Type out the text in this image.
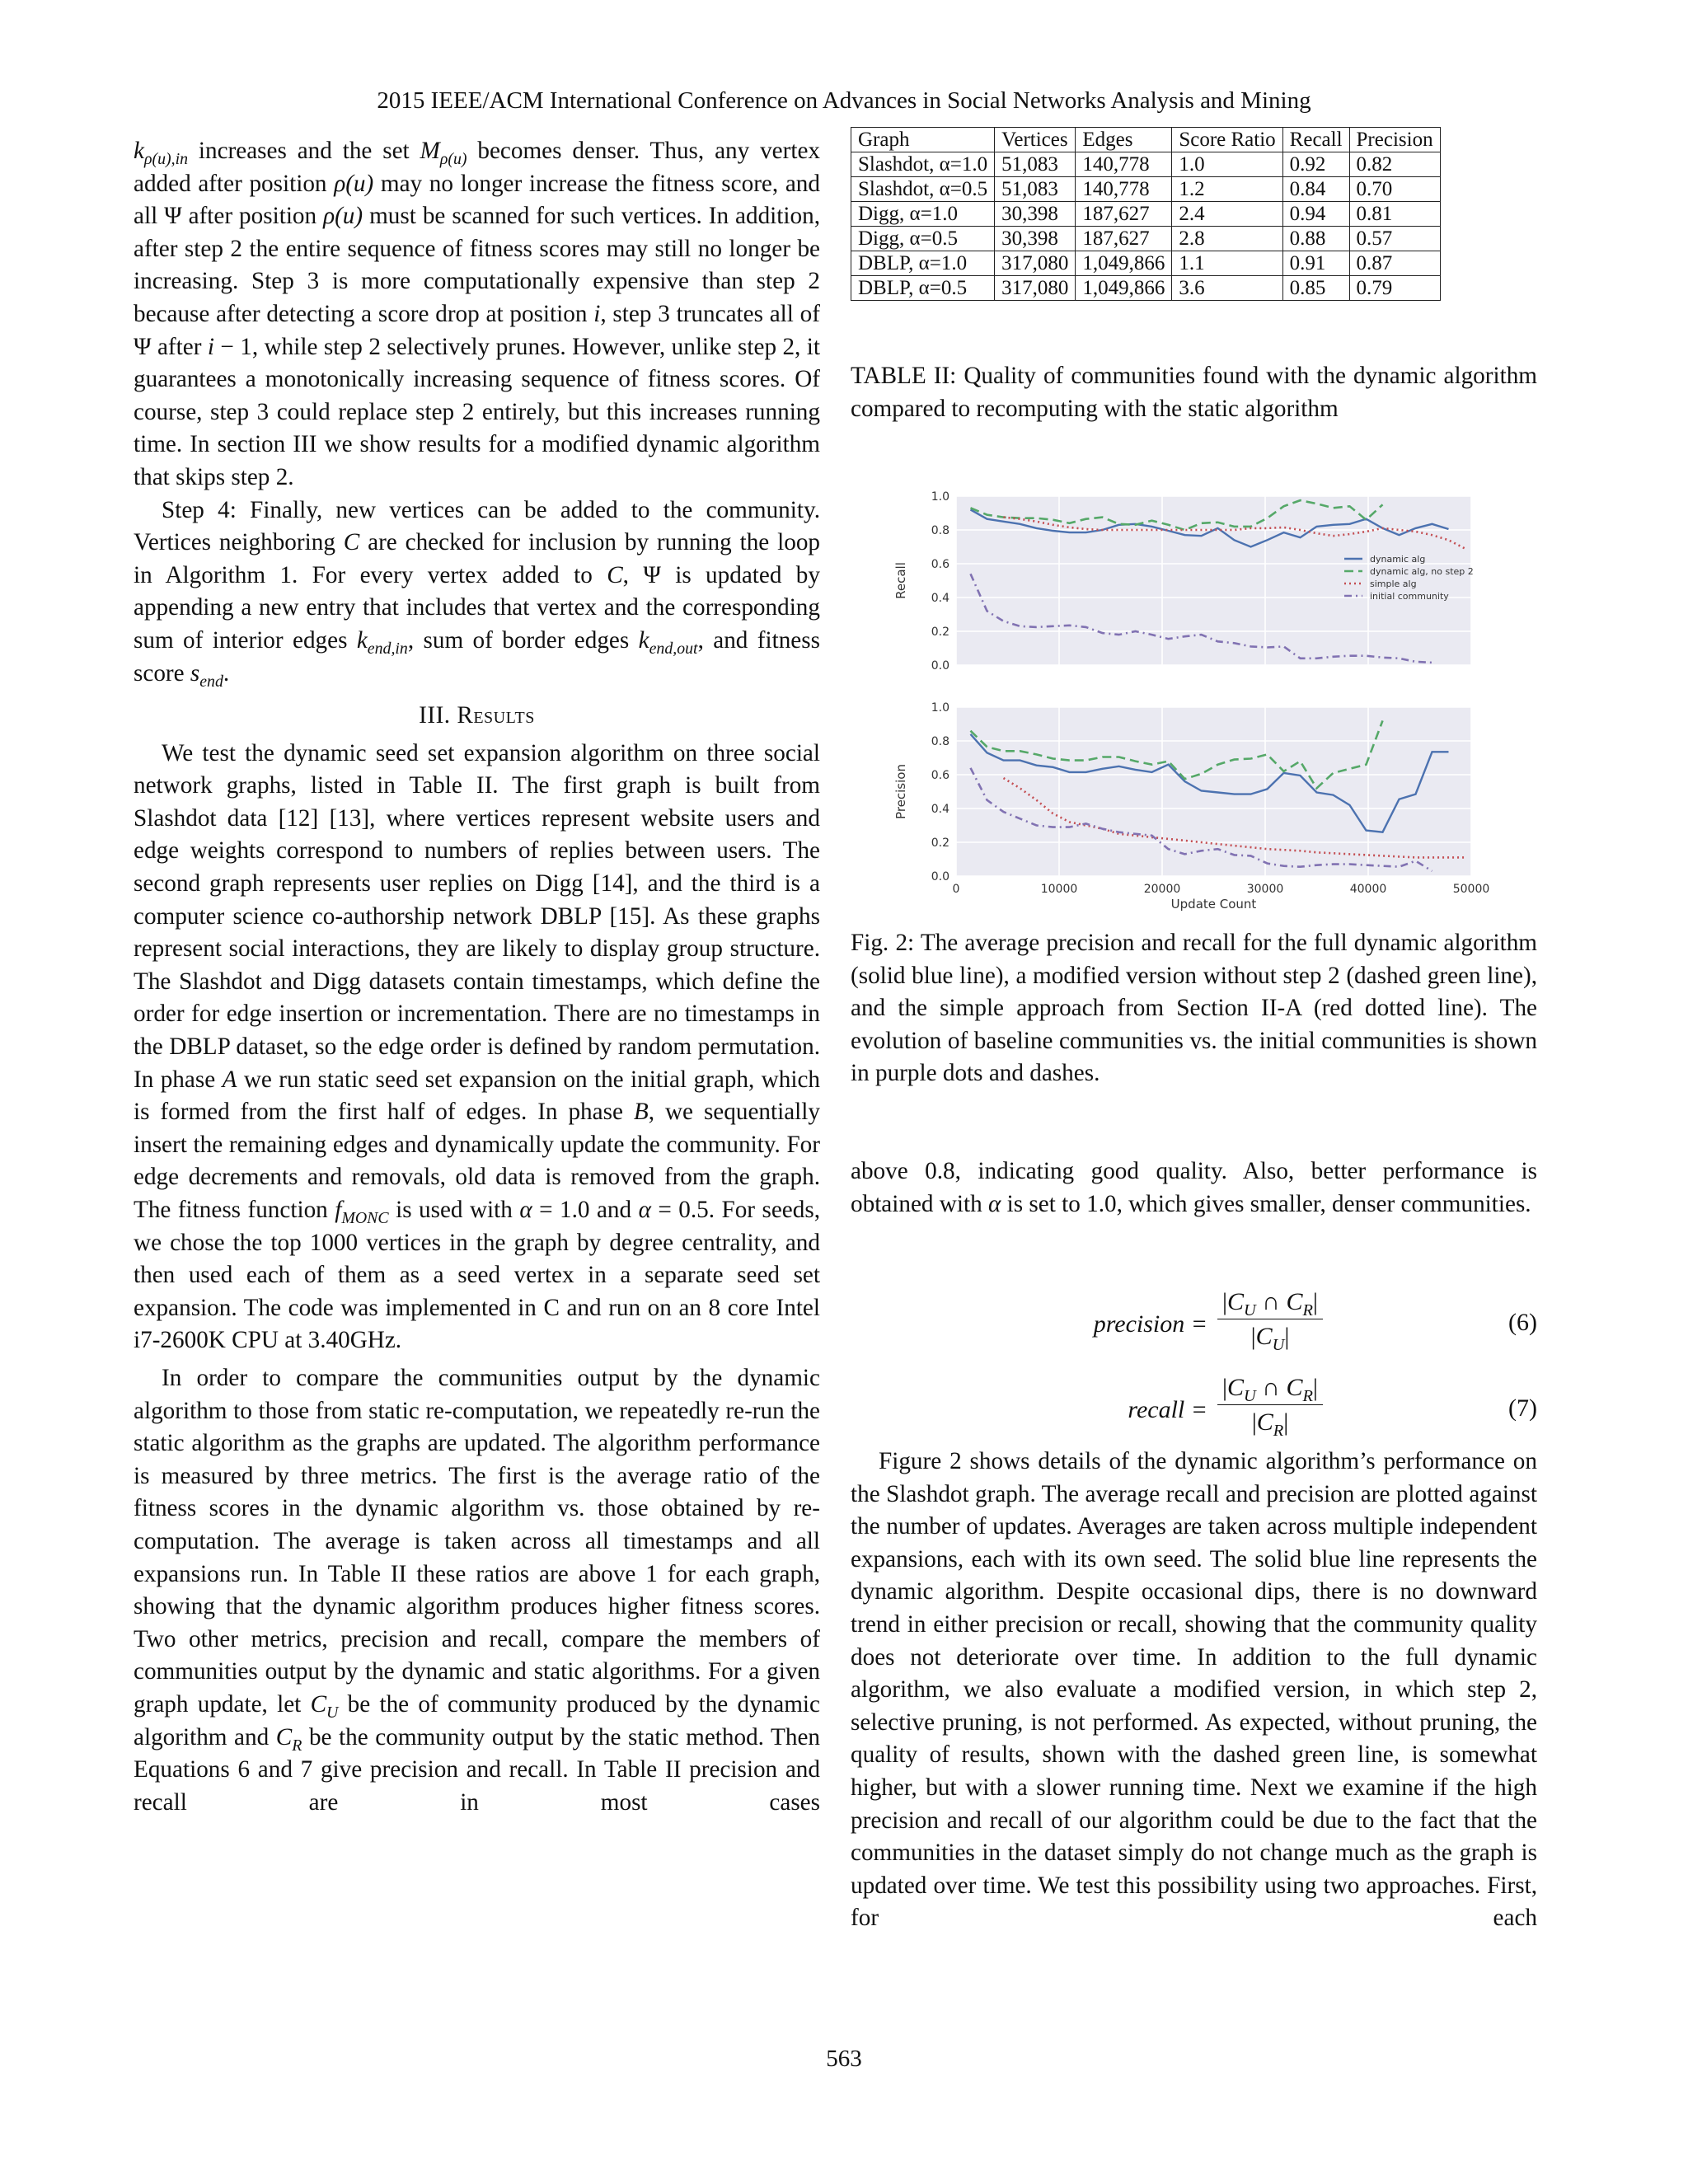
2015 IEEE/ACM International Conference on Advances in Social Networks Analysis and Mining

$k_{\rho(u),in}$ increases and the set $M_{\rho(u)}$ becomes denser. Thus, any vertex added after position ρ(u) may no longer increase the fitness score, and all Ψ after position ρ(u) must be scanned for such vertices. In addition, after step 2 the entire sequence of fitness scores may still no longer be increasing. Step 3 is more computationally expensive than step 2 because after detecting a score drop at position i, step 3 truncates all of Ψ after i − 1, while step 2 selectively prunes. However, unlike step 2, it guarantees a monotonically increasing sequence of fitness scores. Of course, step 3 could replace step 2 entirely, but this increases running time. In section III we show results for a modified dynamic algorithm that skips step 2.

Step 4: Finally, new vertices can be added to the community. Vertices neighboring C are checked for inclusion by running the loop in Algorithm 1. For every vertex added to C, Ψ is updated by appending a new entry that includes that vertex and the corresponding sum of interior edges $k_{end,in}$, sum of border edges $k_{end,out}$, and fitness score $s_{end}$.

III. Results

We test the dynamic seed set expansion algorithm on three social network graphs, listed in Table II. The first graph is built from Slashdot data [12] [13], where vertices represent website users and edge weights correspond to numbers of replies between users. The second graph represents user replies on Digg [14], and the third is a computer science co-authorship network DBLP [15]. As these graphs represent social interactions, they are likely to display group structure. The Slashdot and Digg datasets contain timestamps, which define the order for edge insertion or incrementation. There are no timestamps in the DBLP dataset, so the edge order is defined by random permutation. In phase A we run static seed set expansion on the initial graph, which is formed from the first half of edges. In phase B, we sequentially insert the remaining edges and dynamically update the community. For edge decrements and removals, old data is removed from the graph. The fitness function $f_{MONC}$ is used with α = 1.0 and α = 0.5. For seeds, we chose the top 1000 vertices in the graph by degree centrality, and then used each of them as a seed vertex in a separate seed set expansion. The code was implemented in C and run on an 8 core Intel i7-2600K CPU at 3.40GHz.

In order to compare the communities output by the dynamic algorithm to those from static re-computation, we repeatedly re-run the static algorithm as the graphs are updated. The algorithm performance is measured by three metrics. The first is the average ratio of the fitness scores in the dynamic algorithm vs. those obtained by re-computation. The average is taken across all timestamps and all expansions run. In Table II these ratios are above 1 for each graph, showing that the dynamic algorithm produces higher fitness scores. Two other metrics, precision and recall, compare the members of communities output by the dynamic and static algorithms. For a given graph update, let $C_U$ be the of community produced by the dynamic algorithm and $C_R$ be the community output by the static method. Then Equations 6 and 7 give precision and recall. In Table II precision and recall are in most cases

Graph	Vertices	Edges	Score Ratio	Recall	Precision
Slashdot, α=1.0	51,083	140,778	1.0	0.92	0.82
Slashdot, α=0.5	51,083	140,778	1.2	0.84	0.70
Digg, α=1.0	30,398	187,627	2.4	0.94	0.81
Digg, α=0.5	30,398	187,627	2.8	0.88	0.57
DBLP, α=1.0	317,080	1,049,866	1.1	0.91	0.87
DBLP, α=0.5	317,080	1,049,866	3.6	0.85	0.79
TABLE II: Quality of communities found with the dynamic algorithm compared to recomputing with the static algorithm
0.0
0.2
0.4
0.6
0.8
1.0
Recall
dynamic alg
dynamic alg, no step 2
simple alg
initial community
0.0
0.2
0.4
0.6
0.8
1.0
Precision
0	10000	20000	30000	40000	50000
Update Count
Fig. 2: The average precision and recall for the full dynamic algorithm (solid blue line), a modified version without step 2 (dashed green line), and the simple approach from Section II-A (red dotted line). The evolution of baseline communities vs. the initial communities is shown in purple dots and dashes.

above 0.8, indicating good quality. Also, better performance is obtained with α is set to 1.0, which gives smaller, denser communities.

precision = $\frac{|C_U \cap C_R|}{|C_U|}$	(6)
recall = $\frac{|C_U \cap C_R|}{|C_R|}$	(7)

Figure 2 shows details of the dynamic algorithm’s performance on the Slashdot graph. The average recall and precision are plotted against the number of updates. Averages are taken across multiple independent expansions, each with its own seed. The solid blue line represents the dynamic algorithm. Despite occasional dips, there is no downward trend in either precision or recall, showing that the community quality does not deteriorate over time. In addition to the full dynamic algorithm, we also evaluate a modified version, in which step 2, selective pruning, is not performed. As expected, without pruning, the quality of results, shown with the dashed green line, is somewhat higher, but with a slower running time. Next we examine if the high precision and recall of our algorithm could be due to the fact that the communities in the dataset simply do not change much as the graph is updated over time. We test this possibility using two approaches. First, for each

563
